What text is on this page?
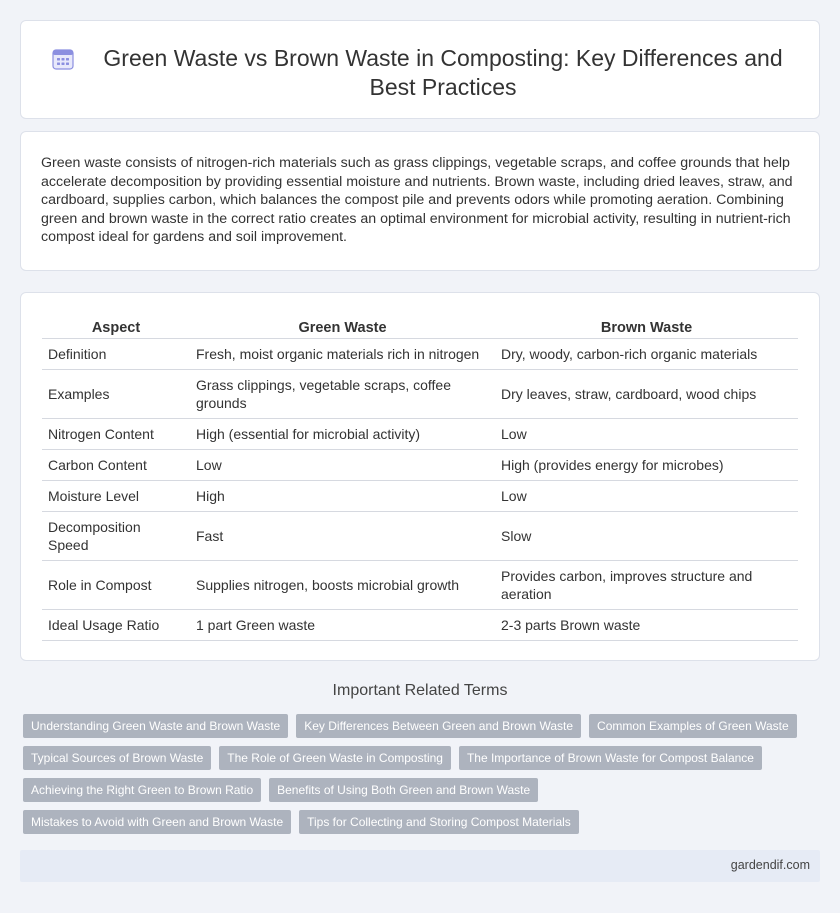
Green Waste vs Brown Waste in Composting: Key Differences and Best Practices

Green waste consists of nitrogen-rich materials such as grass clippings, vegetable scraps, and coffee grounds that help accelerate decomposition by providing essential moisture and nutrients. Brown waste, including dried leaves, straw, and cardboard, supplies carbon, which balances the compost pile and prevents odors while promoting aeration. Combining green and brown waste in the correct ratio creates an optimal environment for microbial activity, resulting in nutrient-rich compost ideal for gardens and soil improvement.

Aspect	Green Waste	Brown Waste
Definition	Fresh, moist organic materials rich in nitrogen	Dry, woody, carbon-rich organic materials
Examples	Grass clippings, vegetable scraps, coffee grounds	Dry leaves, straw, cardboard, wood chips
Nitrogen Content	High (essential for microbial activity)	Low
Carbon Content	Low	High (provides energy for microbes)
Moisture Level	High	Low
Decomposition Speed	Fast	Slow
Role in Compost	Supplies nitrogen, boosts microbial growth	Provides carbon, improves structure and aeration
Ideal Usage Ratio	1 part Green waste	2-3 parts Brown waste
Important Related Terms
Understanding Green Waste and Brown Waste	Key Differences Between Green and Brown Waste	Common Examples of Green Waste
Typical Sources of Brown Waste	The Role of Green Waste in Composting	The Importance of Brown Waste for Compost Balance
Achieving the Right Green to Brown Ratio	Benefits of Using Both Green and Brown Waste
Mistakes to Avoid with Green and Brown Waste	Tips for Collecting and Storing Compost Materials
gardendif.com
